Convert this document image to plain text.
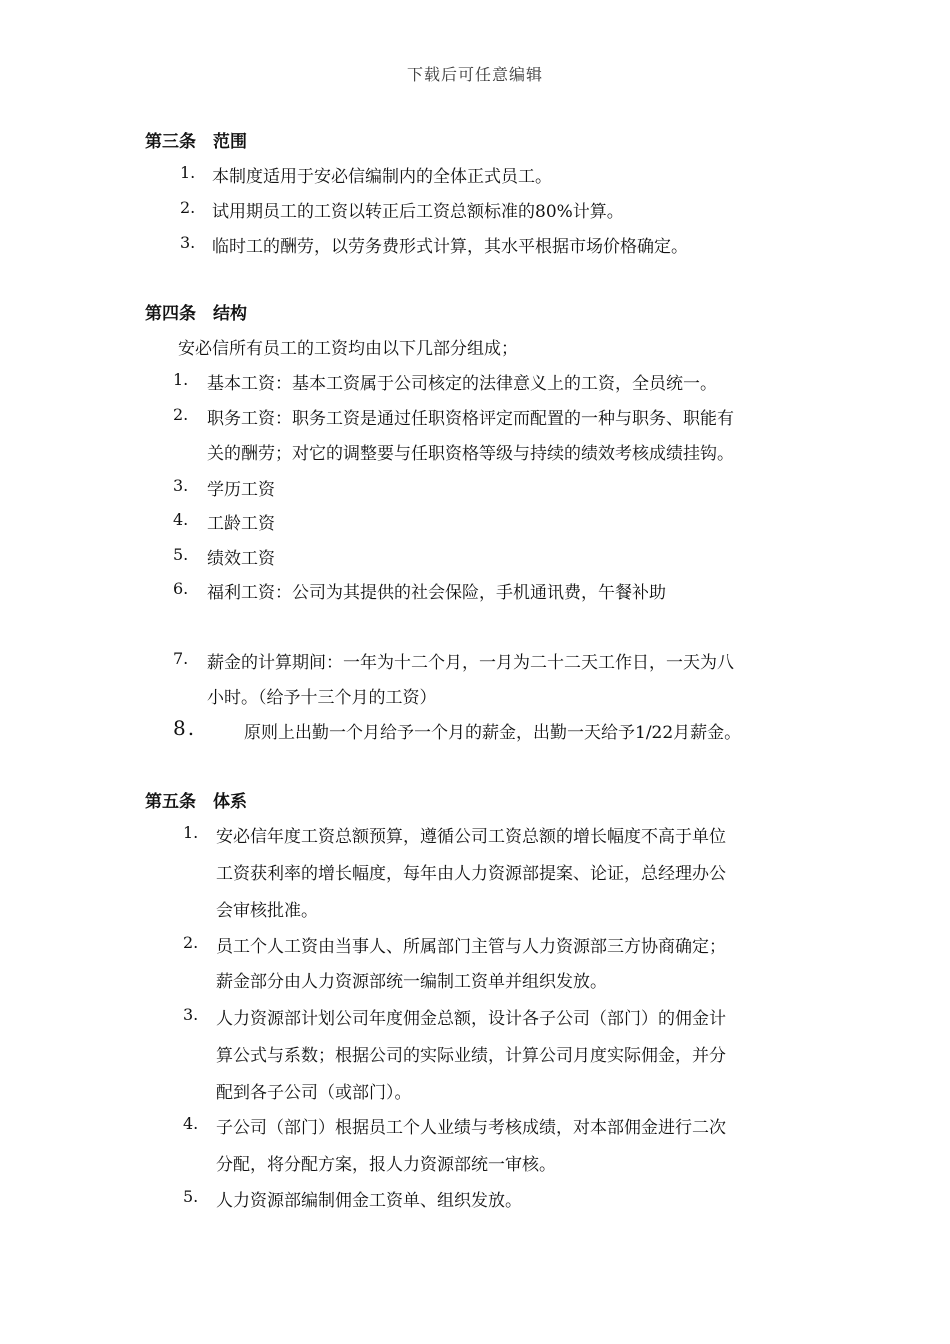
下载后可任意编辑
第三条　范围
1. 本制度适用于安必信编制内的全体正式员工。
2. 试用期员工的工资以转正后工资总额标准的80%计算。
3. 临时工的酬劳，以劳务费形式计算，其水平根据市场价格确定。
第四条　结构
安必信所有员工的工资均由以下几部分组成；
1. 基本工资：基本工资属于公司核定的法律意义上的工资，全员统一。
2. 职务工资：职务工资是通过任职资格评定而配置的一种与职务、职能有
关的酬劳；对它的调整要与任职资格等级与持续的绩效考核成绩挂钩。
3. 学历工资
4. 工龄工资
5. 绩效工资
6. 福利工资：公司为其提供的社会保险，手机通讯费，午餐补助
7. 薪金的计算期间：一年为十二个月，一月为二十二天工作日，一天为八
小时。（给予十三个月的工资）
8.	原则上出勤一个月给予一个月的薪金，出勤一天给予1/22月薪金。
第五条　体系
1. 安必信年度工资总额预算，遵循公司工资总额的增长幅度不高于单位
工资获利率的增长幅度，每年由人力资源部提案、论证，总经理办公
会审核批准。
2. 员工个人工资由当事人、所属部门主管与人力资源部三方协商确定；
薪金部分由人力资源部统一编制工资单并组织发放。
3. 人力资源部计划公司年度佣金总额，设计各子公司（部门）的佣金计
算公式与系数；根据公司的实际业绩，计算公司月度实际佣金，并分
配到各子公司（或部门）。
4. 子公司（部门）根据员工个人业绩与考核成绩，对本部佣金进行二次
分配，将分配方案，报人力资源部统一审核。
5. 人力资源部编制佣金工资单、组织发放。
